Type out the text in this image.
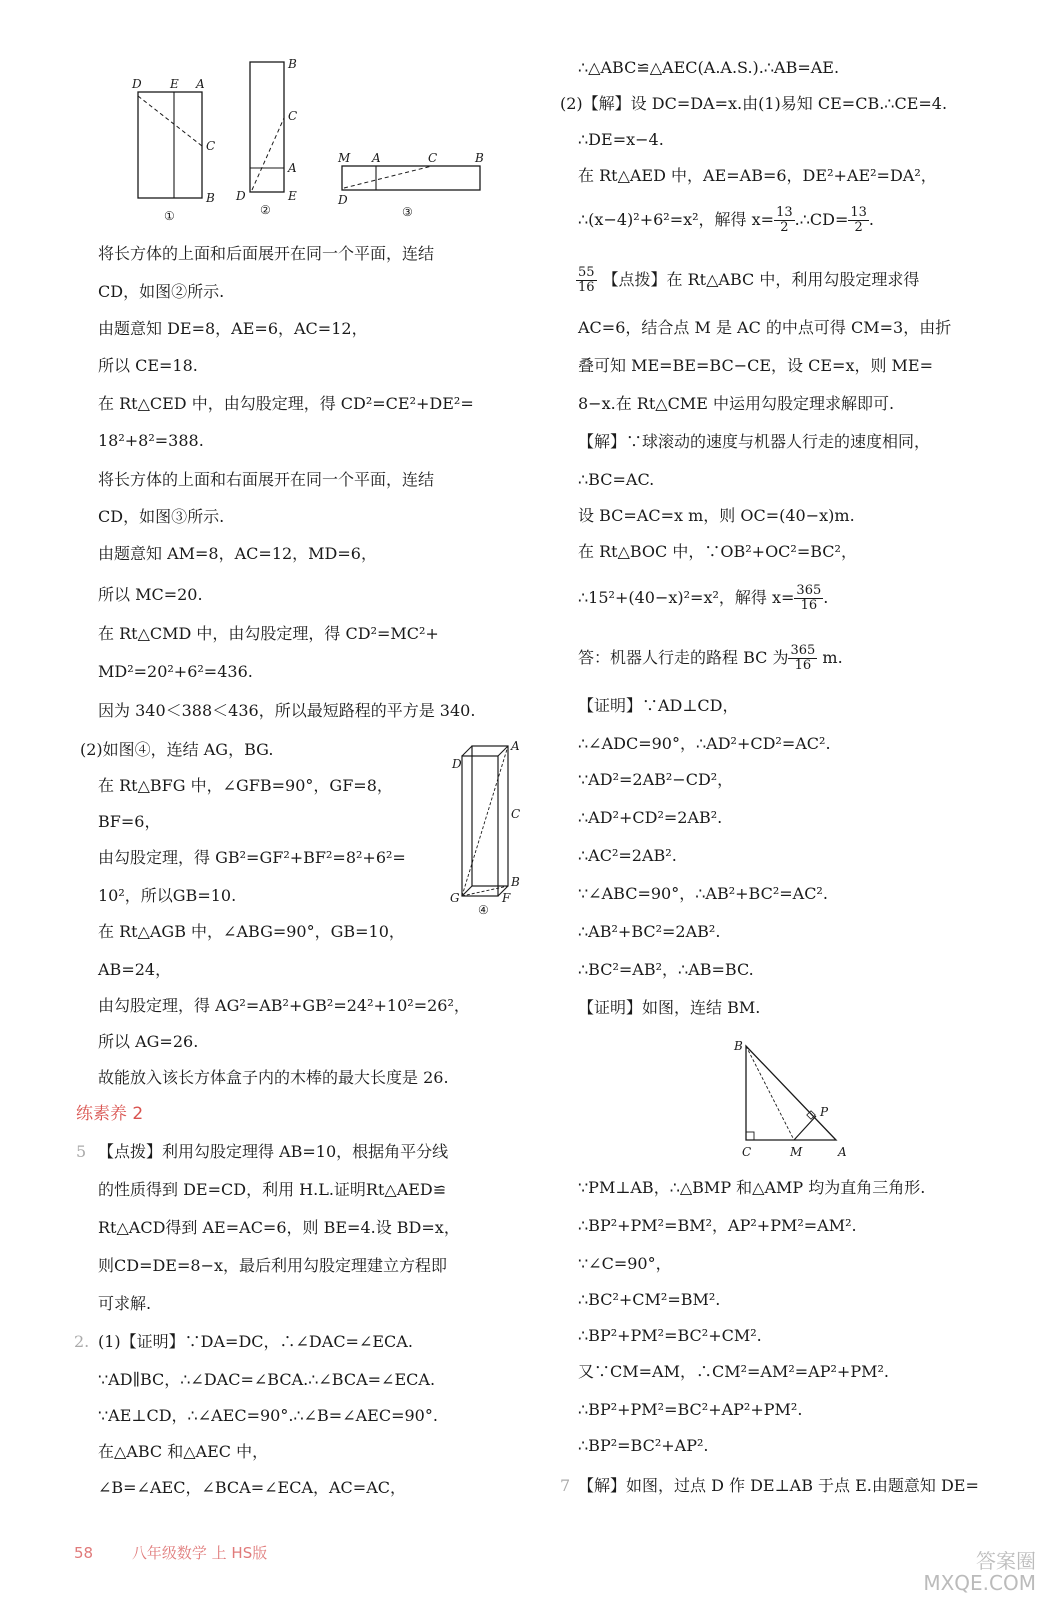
D E A
C
B
①
B
C
A
D	E
②
M A	C	B
D
③
将长方体的上面和后面展开在同一个平面，连结
CD，如图②所示.
由题意知 DE=8，AE=6，AC=12，
所以 CE=18.
在 Rt△CED 中，由勾股定理，得 CD²=CE²+DE²=
18²+8²=388.
将长方体的上面和右面展开在同一个平面，连结
CD，如图③所示.
由题意知 AM=8，AC=12，MD=6，
所以 MC=20.
在 Rt△CMD 中，由勾股定理，得 CD²=MC²+
MD²=20²+6²=436.
因为 340＜388＜436，所以最短路程的平方是 340.
(2)如图④，连结 AG，BG.
在 Rt△BFG 中，∠GFB=90°，GF=8，
BF=6，
由勾股定理，得 GB²=GF²+BF²=8²+6²=
10²，所以GB=10.
在 Rt△AGB 中，∠ABG=90°，GB=10，
AB=24，
由勾股定理，得 AG²=AB²+GB²=24²+10²=26²，
所以 AG=26.
故能放入该长方体盒子内的木棒的最大长度是 26.
D
A
C
G
B
F
④
练素养 2
5 【点拨】利用勾股定理得 AB=10，根据角平分线
的性质得到 DE=CD，利用 H.L.证明Rt△AED≌
Rt△ACD得到 AE=AC=6，则 BE=4.设 BD=x，
则CD=DE=8−x，最后利用勾股定理建立方程即
可求解.
2. (1)【证明】∵DA=DC，∴∠DAC=∠ECA.
∵AD∥BC，∴∠DAC=∠BCA.∴∠BCA=∠ECA.
∵AE⊥CD，∴∠AEC=90°.∴∠B=∠AEC=90°.
在△ABC 和△AEC 中，
∠B=∠AEC，∠BCA=∠ECA，AC=AC，
∴△ABC≌△AEC(A.A.S.).∴AB=AE.
(2)【解】设 DC=DA=x.由(1)易知 CE=CB.∴CE=4.
∴DE=x−4.
在 Rt△AED 中，AE=AB=6，DE²+AE²=DA²，
∴(x−4)²+6²=x²，解得 $x= \frac{13}{2}$ .∴CD= $\frac{13}{2}$ .
$\frac{55}{16}$ 【点拨】在 Rt△ABC 中，利用勾股定理求得
AC=6，结合点 M 是 AC 的中点可得 CM=3，由折
叠可知 ME=BE=BC−CE，设 CE=x，则 ME=
8−x.在 Rt△CME 中运用勾股定理求解即可.
【解】∵球滚动的速度与机器人行走的速度相同，
∴BC=AC.
设 BC=AC=x m，则 OC=(40−x)m.
在 Rt△BOC 中，∵OB²+OC²=BC²，
∴15²+(40−x)²=x²，解得 $x= \frac{365}{16}$ .
答：机器人行走的路程 BC 为 $\frac{365}{16} m$.
【证明】∵AD⊥CD，
∴∠ADC=90°，∴AD²+CD²=AC².
∵AD²=2AB²−CD²，
∴AD²+CD²=2AB².
∴AC²=2AB².
∵∠ABC=90°，∴AB²+BC²=AC².
∴AB²+BC²=2AB².
∴BC²=AB²，∴AB=BC.
【证明】如图，连结 BM.
B
P
C	M	A
∵PM⊥AB，∴△BMP 和△AMP 均为直角三角形.
∴BP²+PM²=BM²，AP²+PM²=AM².
∵∠C=90°，
∴BC²+CM²=BM².
∴BP²+PM²=BC²+CM².
又∵CM=AM，∴CM²=AM²=AP²+PM².
∴BP²+PM²=BC²+AP²+PM².
∴BP²=BC²+AP².
7 【解】如图，过点 D 作 DE⊥AB 于点 E.由题意知 DE=
58	八年级数学 上 HS版	答案圈
MXQE.COM
